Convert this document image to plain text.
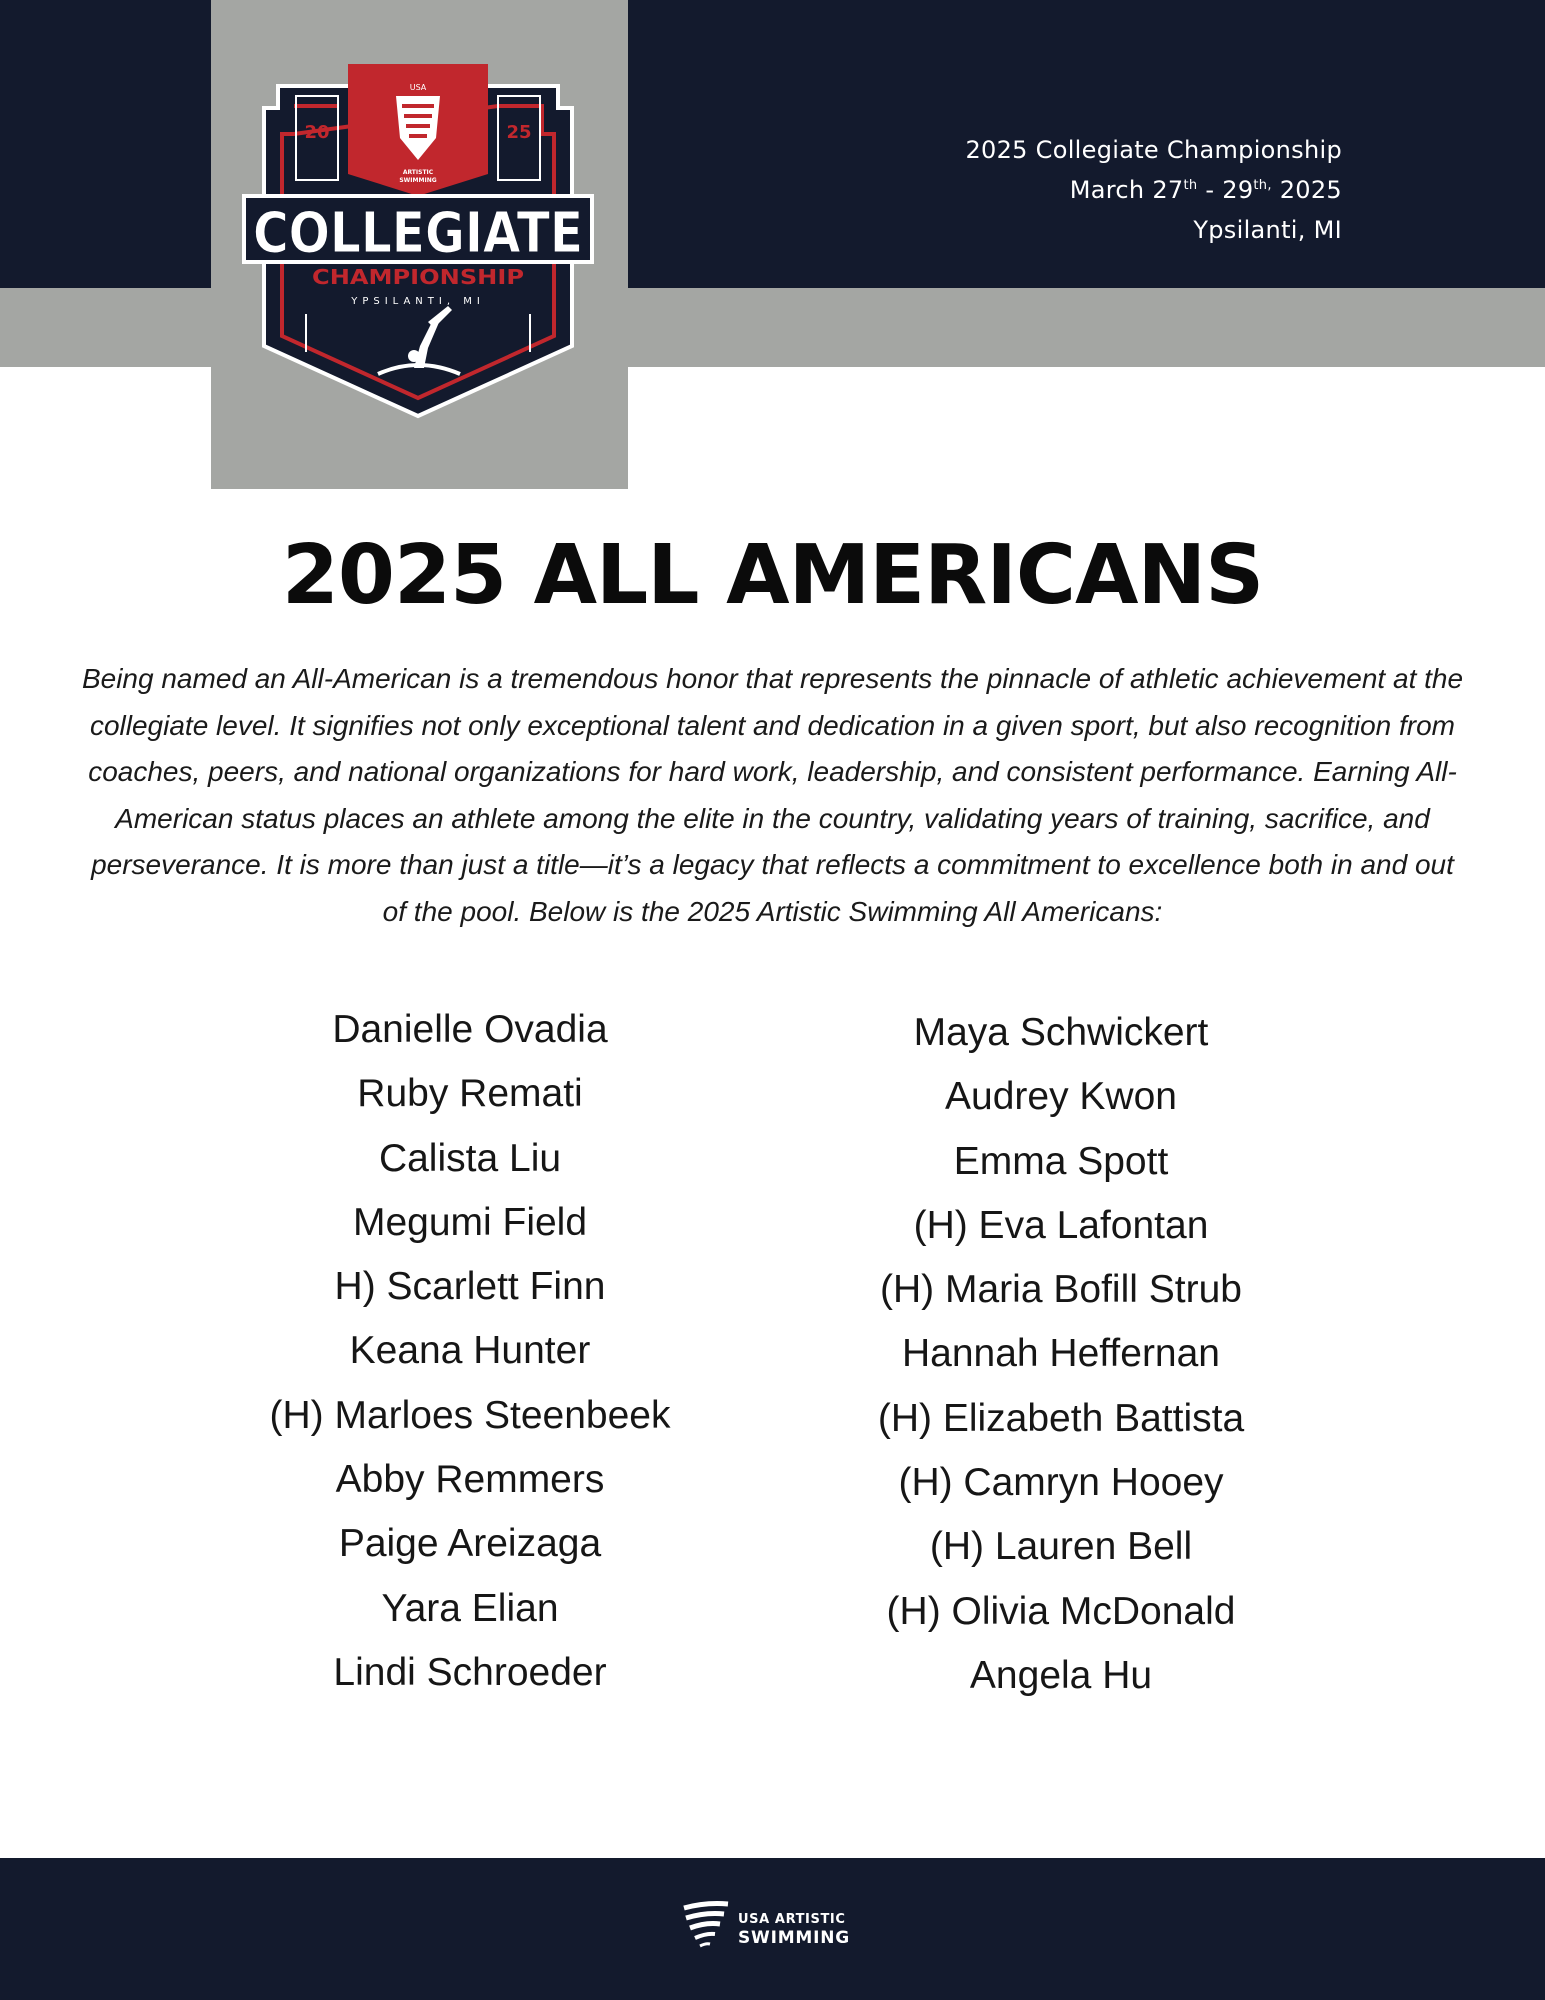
2025 Collegiate Championship
March $27th - 29^{th,}$ 2025
Ypsilanti, MI
USA
ARTISTIC
SWIMMING
20	25
COLLEGIATE
CHAMPIONSHIP
YPSILANTI, MI
2025 ALL AMERICANS

Being named an All-American is a tremendous honor that represents the pinnacle of athletic achievement at the collegiate level. It signifies not only exceptional talent and dedication in a given sport, but also recognition from coaches, peers, and national organizations for hard work, leadership, and consistent performance. Earning All-American status places an athlete among the elite in the country, validating years of training, sacrifice, and perseverance. It is more than just a title—it’s a legacy that reflects a commitment to excellence both in and out of the pool. Below is the 2025 Artistic Swimming All Americans:

Danielle Ovadia
Ruby Remati
Calista Liu
Megumi Field
H) Scarlett Finn
Keana Hunter
(H) Marloes Steenbeek
Abby Remmers
Paige Areizaga
Yara Elian
Lindi Schroeder
Maya Schwickert
Audrey Kwon
Emma Spott
(H) Eva Lafontan
(H) Maria Bofill Strub
Hannah Heffernan
(H) Elizabeth Battista
(H) Camryn Hooey
(H) Lauren Bell
(H) Olivia McDonald
Angela Hu
USA ARTISTIC
SWIMMING
